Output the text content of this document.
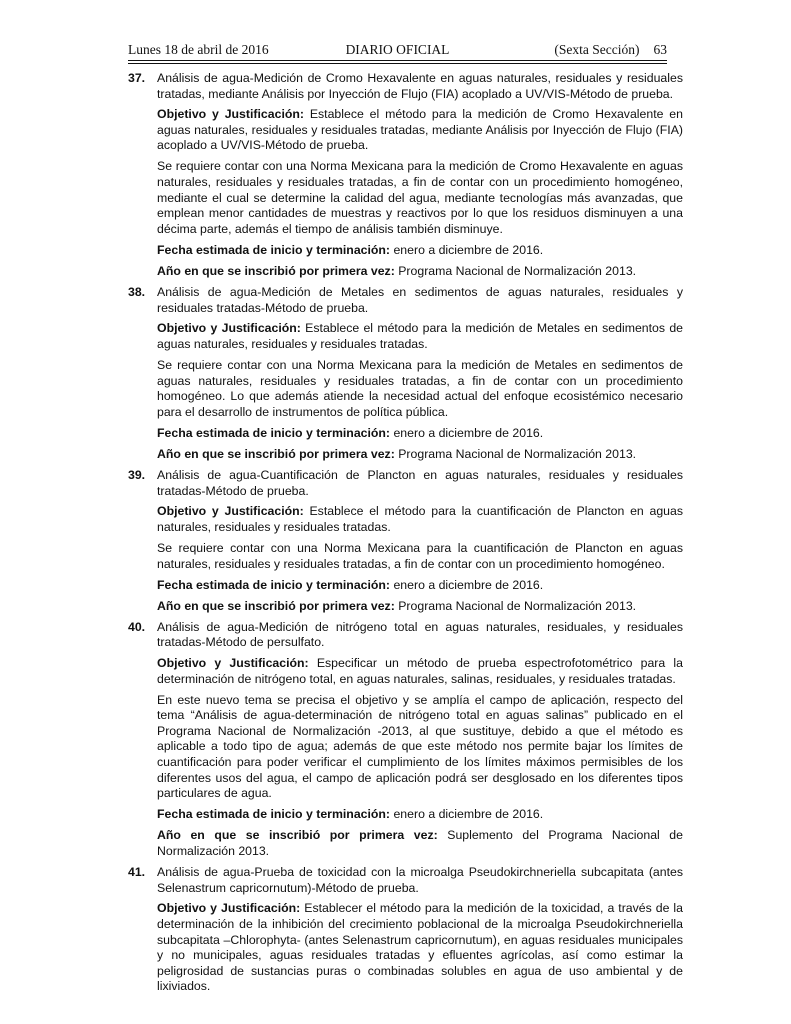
Lunes 18 de abril de 2016	DIARIO OFICIAL	(Sexta Sección) 63
37. Análisis de agua-Medición de Cromo Hexavalente en aguas naturales, residuales y residuales tratadas, mediante Análisis por Inyección de Flujo (FIA) acoplado a UV/VIS-Método de prueba.
Objetivo y Justificación: Establece el método para la medición de Cromo Hexavalente en aguas naturales, residuales y residuales tratadas, mediante Análisis por Inyección de Flujo (FIA) acoplado a UV/VIS-Método de prueba.
Se requiere contar con una Norma Mexicana para la medición de Cromo Hexavalente en aguas naturales, residuales y residuales tratadas, a fin de contar con un procedimiento homogéneo, mediante el cual se determine la calidad del agua, mediante tecnologías más avanzadas, que emplean menor cantidades de muestras y reactivos por lo que los residuos disminuyen a una décima parte, además el tiempo de análisis también disminuye.
Fecha estimada de inicio y terminación: enero a diciembre de 2016.
Año en que se inscribió por primera vez: Programa Nacional de Normalización 2013.
38. Análisis de agua-Medición de Metales en sedimentos de aguas naturales, residuales y residuales tratadas-Método de prueba.
Objetivo y Justificación: Establece el método para la medición de Metales en sedimentos de aguas naturales, residuales y residuales tratadas.
Se requiere contar con una Norma Mexicana para la medición de Metales en sedimentos de aguas naturales, residuales y residuales tratadas, a fin de contar con un procedimiento homogéneo. Lo que además atiende la necesidad actual del enfoque ecosistémico necesario para el desarrollo de instrumentos de política pública.
Fecha estimada de inicio y terminación: enero a diciembre de 2016.
Año en que se inscribió por primera vez: Programa Nacional de Normalización 2013.
39. Análisis de agua-Cuantificación de Plancton en aguas naturales, residuales y residuales tratadas-Método de prueba.
Objetivo y Justificación: Establece el método para la cuantificación de Plancton en aguas naturales, residuales y residuales tratadas.
Se requiere contar con una Norma Mexicana para la cuantificación de Plancton en aguas naturales, residuales y residuales tratadas, a fin de contar con un procedimiento homogéneo.
Fecha estimada de inicio y terminación: enero a diciembre de 2016.
Año en que se inscribió por primera vez: Programa Nacional de Normalización 2013.
40. Análisis de agua-Medición de nitrógeno total en aguas naturales, residuales, y residuales tratadas-Método de persulfato.
Objetivo y Justificación: Especificar un método de prueba espectrofotométrico para la determinación de nitrógeno total, en aguas naturales, salinas, residuales, y residuales tratadas.
En este nuevo tema se precisa el objetivo y se amplía el campo de aplicación, respecto del tema “Análisis de agua-determinación de nitrógeno total en aguas salinas” publicado en el Programa Nacional de Normalización -2013, al que sustituye, debido a que el método es aplicable a todo tipo de agua; además de que este método nos permite bajar los límites de cuantificación para poder verificar el cumplimiento de los límites máximos permisibles de los diferentes usos del agua, el campo de aplicación podrá ser desglosado en los diferentes tipos particulares de agua.
Fecha estimada de inicio y terminación: enero a diciembre de 2016.
Año en que se inscribió por primera vez: Suplemento del Programa Nacional de Normalización 2013.
41. Análisis de agua-Prueba de toxicidad con la microalga Pseudokirchneriella subcapitata (antes Selenastrum capricornutum)-Método de prueba.
Objetivo y Justificación: Establecer el método para la medición de la toxicidad, a través de la determinación de la inhibición del crecimiento poblacional de la microalga Pseudokirchneriella subcapitata –Chlorophyta- (antes Selenastrum capricornutum), en aguas residuales municipales y no municipales, aguas residuales tratadas y efluentes agrícolas, así como estimar la peligrosidad de sustancias puras o combinadas solubles en agua de uso ambiental y de lixiviados.
